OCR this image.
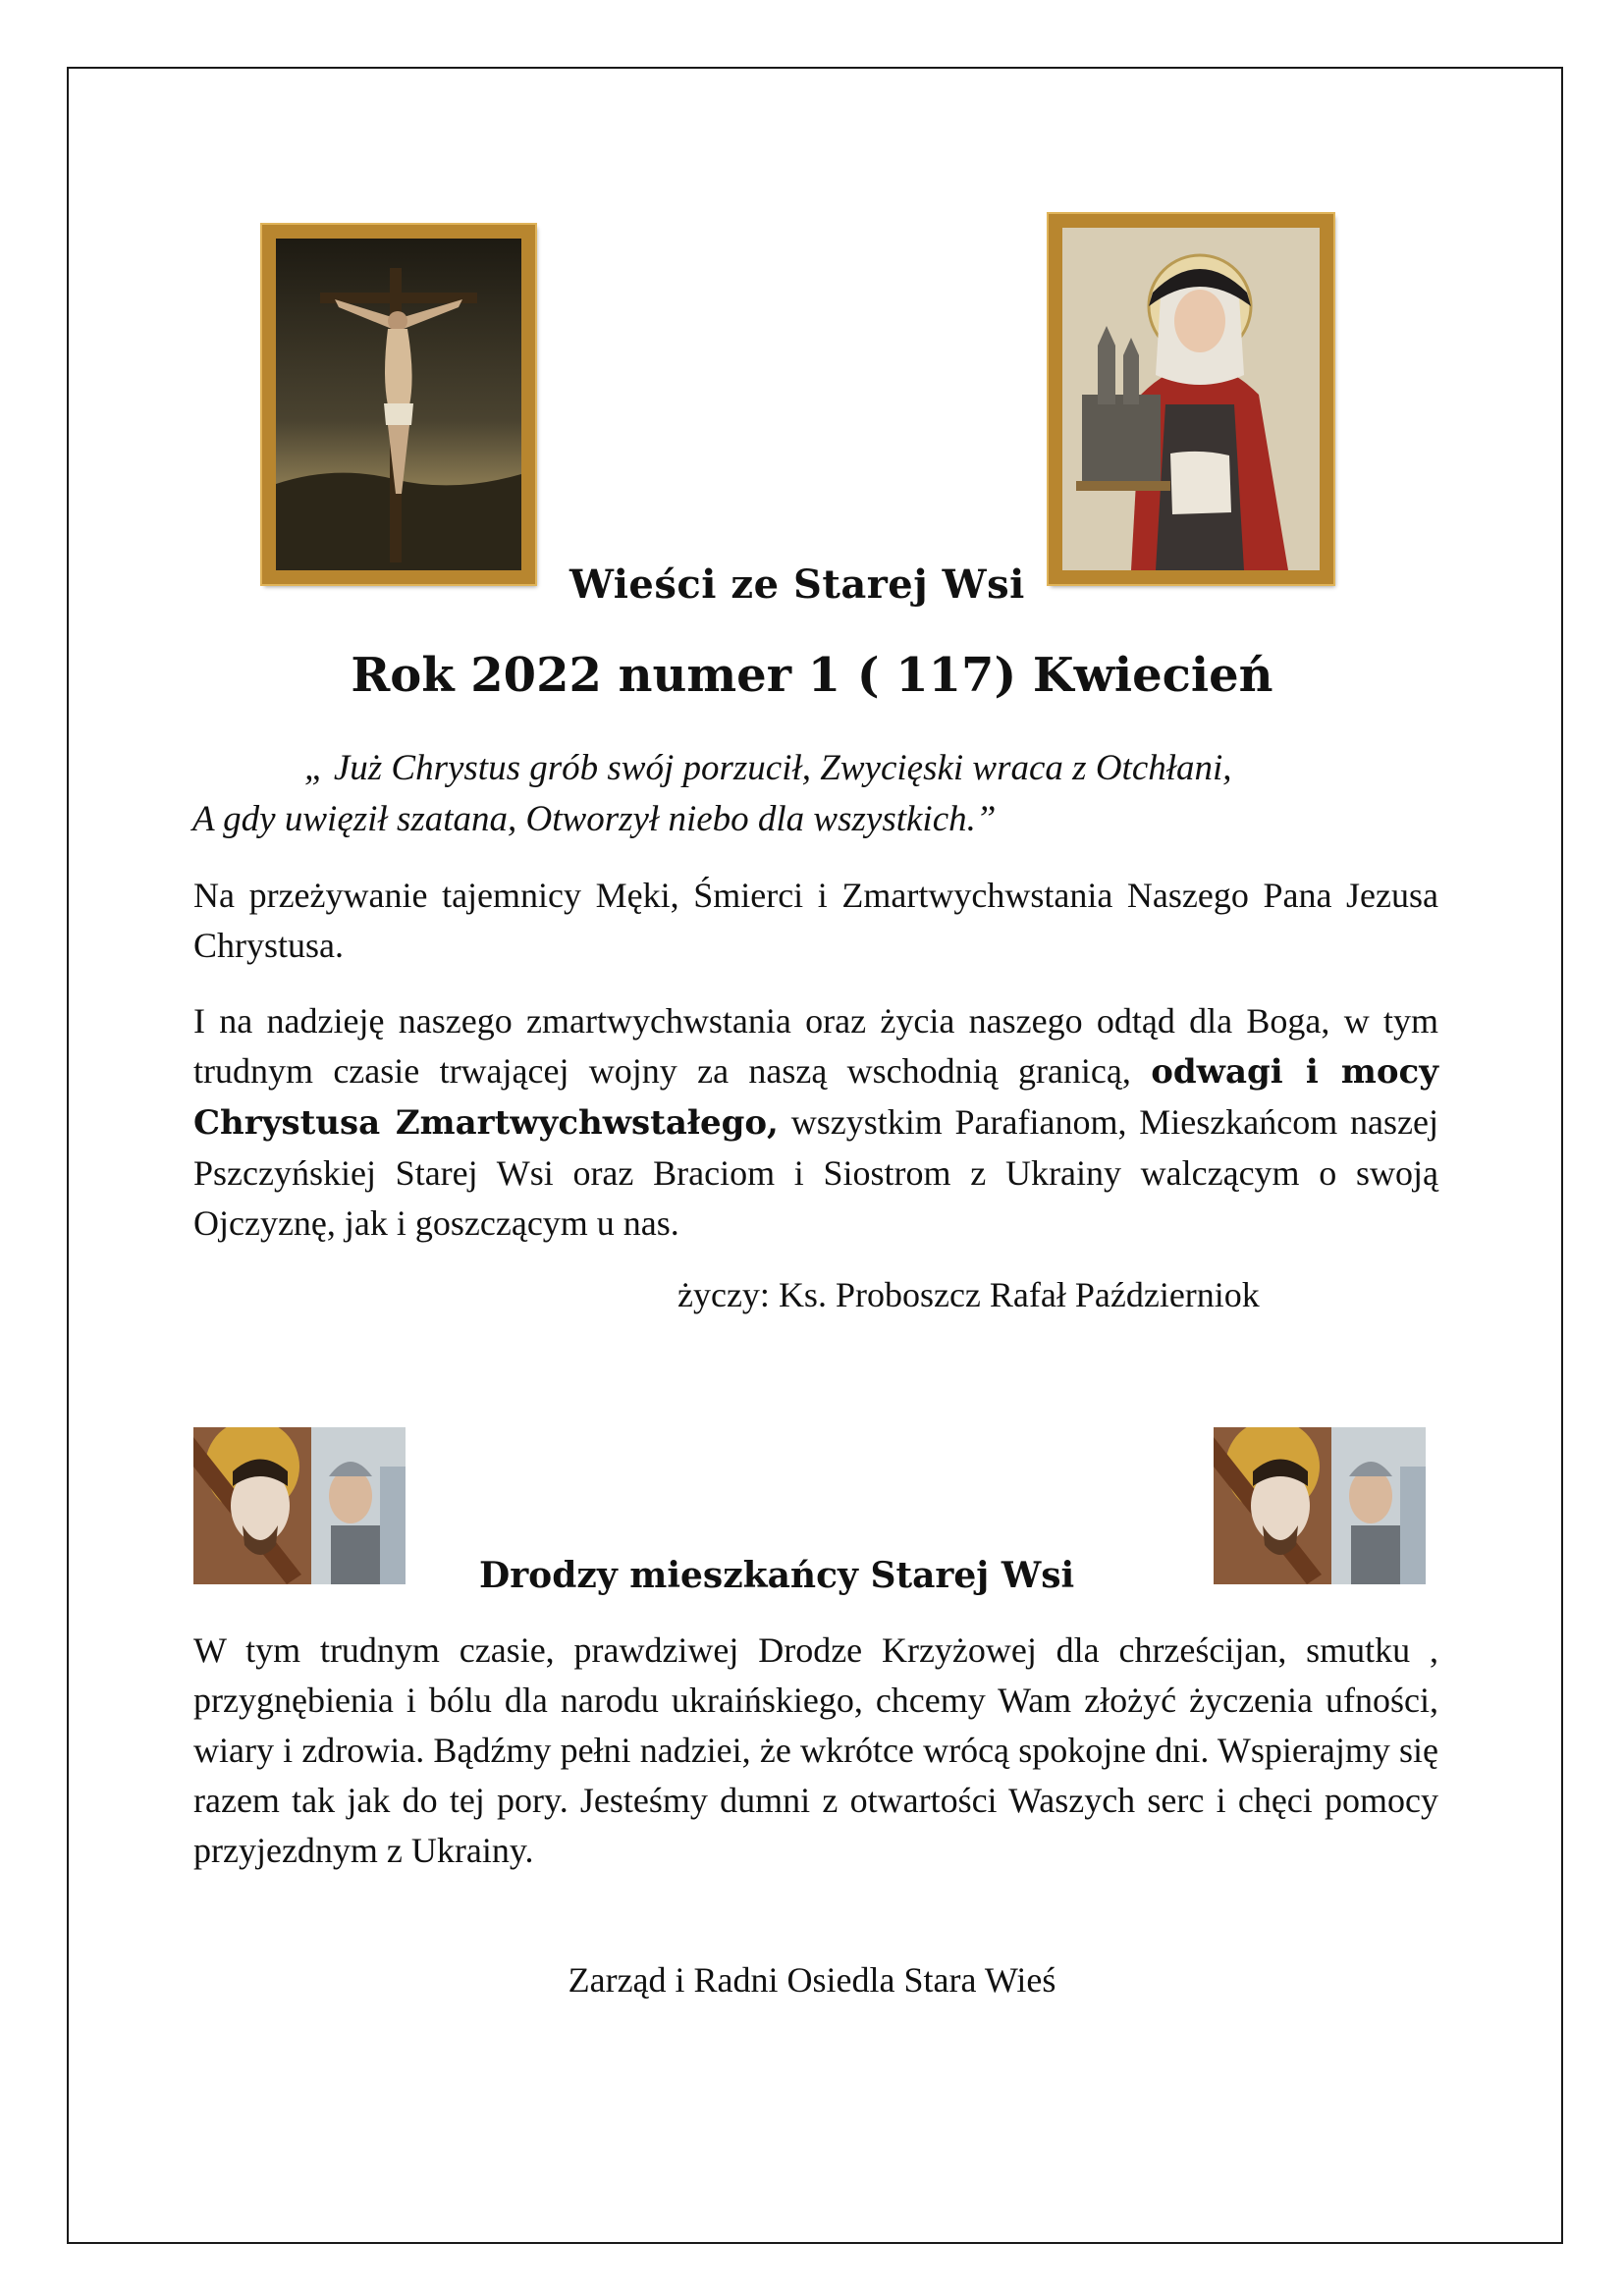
Wieści ze Starej Wsi
Rok 2022 numer 1 ( 117) Kwiecień
„ Już Chrystus grób swój porzucił, Zwycięski wraca z Otchłani,
A gdy uwięził szatana, Otworzył niebo dla wszystkich.”
Na przeżywanie tajemnicy Męki, Śmierci i Zmartwychwstania Naszego Pana Jezusa Chrystusa.
I na nadzieję naszego zmartwychwstania oraz życia naszego odtąd dla Boga, w tym trudnym czasie trwającej wojny za naszą wschodnią granicą, odwagi i mocy Chrystusa Zmartwychwstałego, wszystkim Parafianom, Mieszkańcom naszej Pszczyńskiej Starej Wsi oraz Braciom i Siostrom z Ukrainy walczącym o swoją Ojczyznę, jak i goszczącym u nas.
życzy: Ks. Proboszcz Rafał Październiok
Drodzy mieszkańcy Starej Wsi
W tym trudnym czasie, prawdziwej Drodze Krzyżowej dla chrześcijan, smutku , przygnębienia i bólu dla narodu ukraińskiego, chcemy Wam złożyć życzenia ufności, wiary i zdrowia. Bądźmy pełni nadziei, że wkrótce wrócą spokojne dni. Wspierajmy się razem tak jak do tej pory. Jesteśmy dumni z otwartości Waszych serc i chęci pomocy przyjezdnym z Ukrainy.
Zarząd i Radni Osiedla Stara Wieś
